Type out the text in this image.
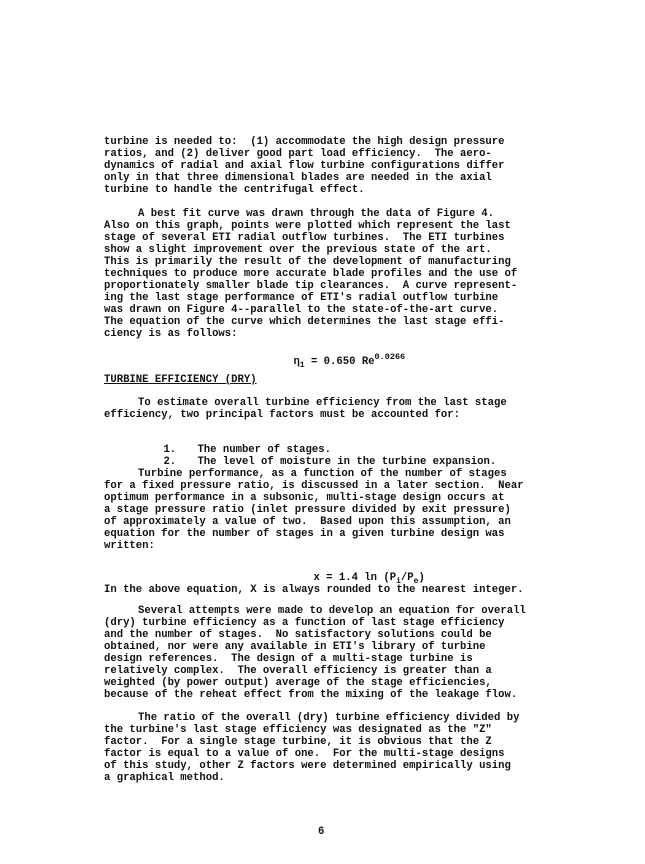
turbine is needed to:  (1) accommodate the high design pressure
ratios, and (2) deliver good part load efficiency.  The aero-
dynamics of radial and axial flow turbine configurations differ
only in that three dimensional blades are needed in the axial
turbine to handle the centrifugal effect.
A best fit curve was drawn through the data of Figure 4.
Also on this graph, points were plotted which represent the last
stage of several ETI radial outflow turbines.  The ETI turbines
show a slight improvement over the previous state of the art.
This is primarily the result of the development of manufacturing
techniques to produce more accurate blade profiles and the use of
proportionately smaller blade tip clearances.  A curve represent-
ing the last stage performance of ETI's radial outflow turbine
was drawn on Figure 4--parallel to the state-of-the-art curve.
The equation of the curve which determines the last stage effi-
ciency is as follows:

$\eta_1 = 0.650$ $Re^{0.0266}$

TURBINE EFFICIENCY (DRY)
To estimate overall turbine efficiency from the last stage
efficiency, two principal factors must be accounted for:

1. The number of stages.

2. The level of moisture in the turbine expansion.

Turbine performance, as a function of the number of stages
for a fixed pressure ratio, is discussed in a later section.  Near
optimum performance in a subsonic, multi-stage design occurs at
a stage pressure ratio (inlet pressure divided by exit pressure)
of approximately a value of two.  Based upon this assumption, an
equation for the number of stages in a given turbine design was
written:

x = 1.4 $\ln (P_i/P_e)$

In the above equation, X is always rounded to the nearest integer.
Several attempts were made to develop an equation for overall
(dry) turbine efficiency as a function of last stage efficiency
and the number of stages.  No satisfactory solutions could be
obtained, nor were any available in ETI's library of turbine
design references.  The design of a multi-stage turbine is
relatively complex.  The overall efficiency is greater than a
weighted (by power output) average of the stage efficiencies,
because of the reheat effect from the mixing of the leakage flow.
The ratio of the overall (dry) turbine efficiency divided by
the turbine's last stage efficiency was designated as the "Z"
factor.  For a single stage turbine, it is obvious that the Z
factor is equal to a value of one.  For the multi-stage designs
of this study, other Z factors were determined empirically using
a graphical method.
6
